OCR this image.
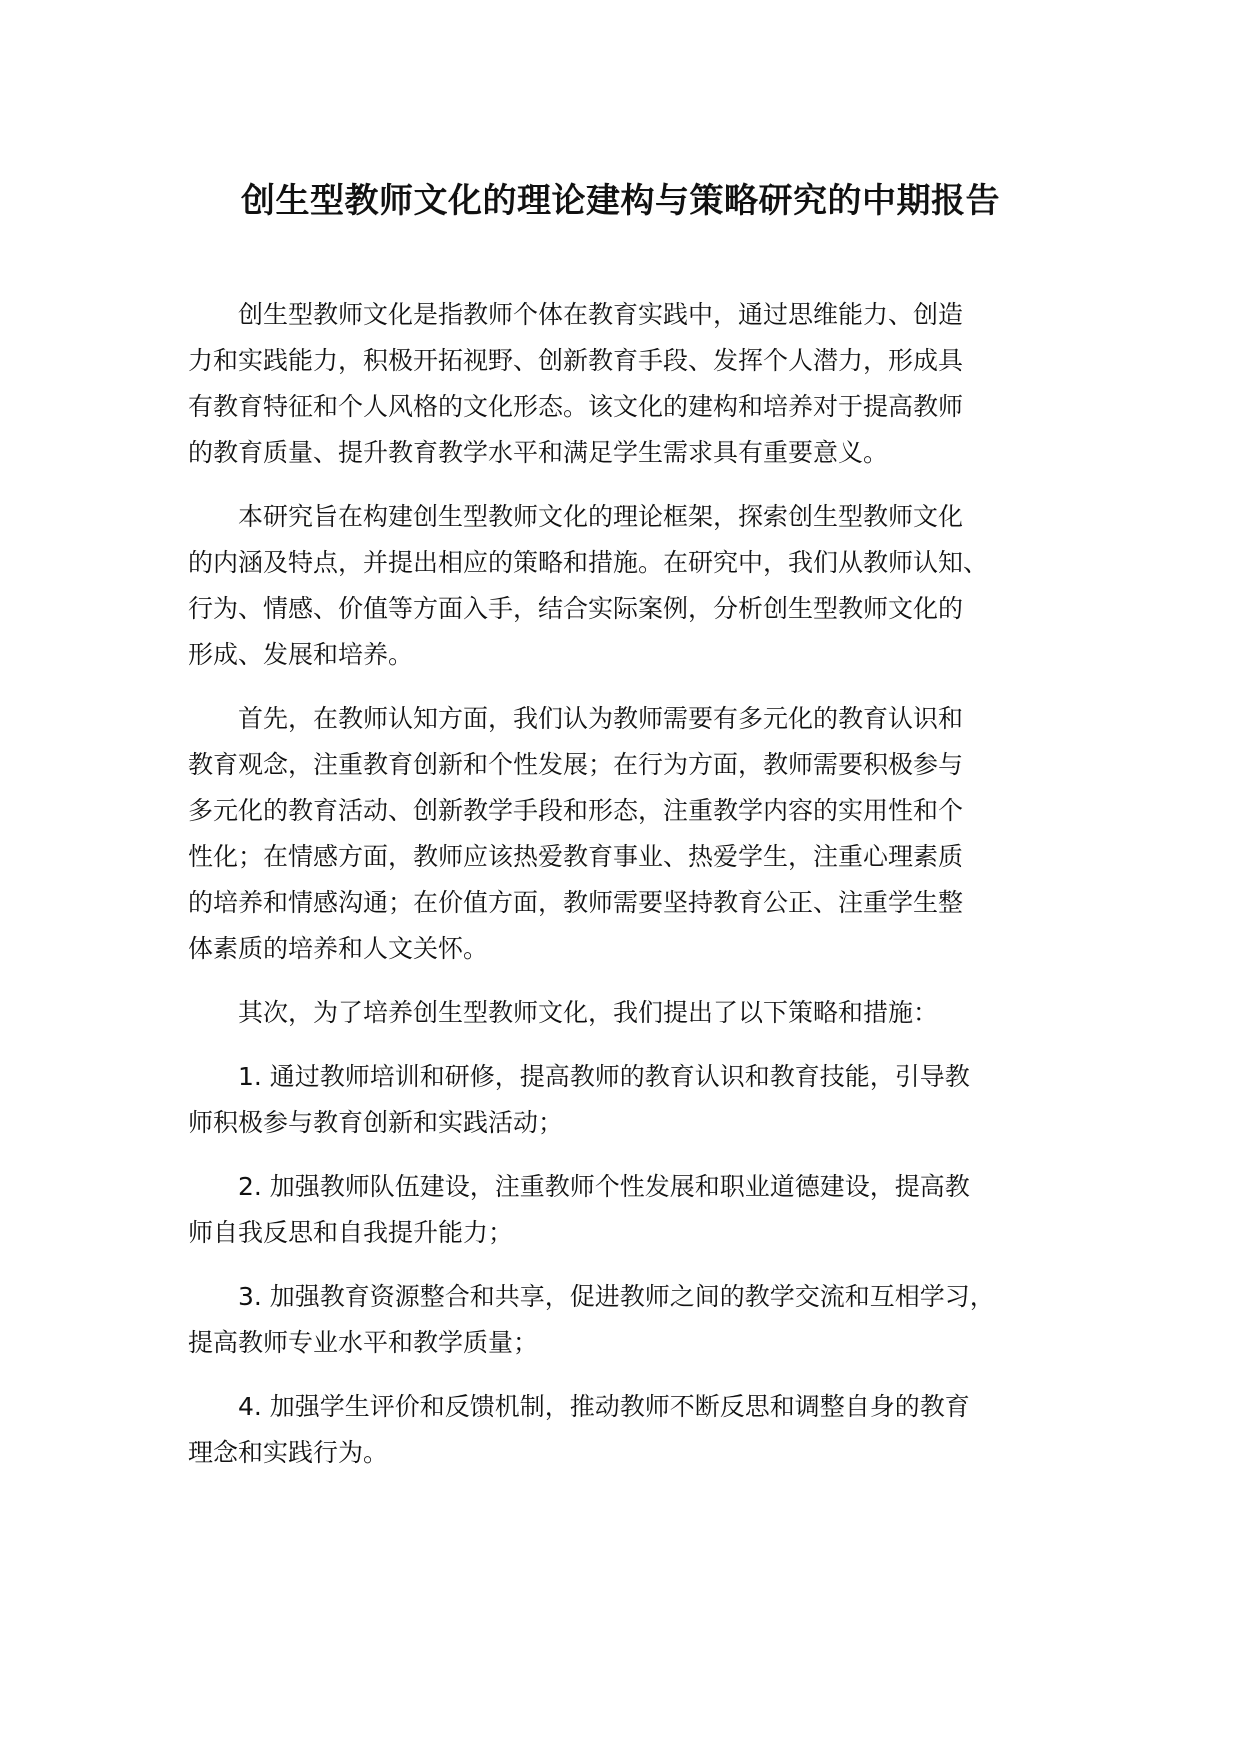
创生型教师文化的理论建构与策略研究的中期报告

创生型教师文化是指教师个体在教育实践中，通过思维能力、创造
力和实践能力，积极开拓视野、创新教育手段、发挥个人潜力，形成具
有教育特征和个人风格的文化形态。该文化的建构和培养对于提高教师
的教育质量、提升教育教学水平和满足学生需求具有重要意义。

本研究旨在构建创生型教师文化的理论框架，探索创生型教师文化
的内涵及特点，并提出相应的策略和措施。在研究中，我们从教师认知、
行为、情感、价值等方面入手，结合实际案例，分析创生型教师文化的
形成、发展和培养。

首先，在教师认知方面，我们认为教师需要有多元化的教育认识和
教育观念，注重教育创新和个性发展；在行为方面，教师需要积极参与
多元化的教育活动、创新教学手段和形态，注重教学内容的实用性和个
性化；在情感方面，教师应该热爱教育事业、热爱学生，注重心理素质
的培养和情感沟通；在价值方面，教师需要坚持教育公正、注重学生整
体素质的培养和人文关怀。

其次，为了培养创生型教师文化，我们提出了以下策略和措施：

1. 通过教师培训和研修，提高教师的教育认识和教育技能，引导教
师积极参与教育创新和实践活动；

2. 加强教师队伍建设，注重教师个性发展和职业道德建设，提高教
师自我反思和自我提升能力；

3. 加强教育资源整合和共享，促进教师之间的教学交流和互相学习，
提高教师专业水平和教学质量；

4. 加强学生评价和反馈机制，推动教师不断反思和调整自身的教育
理念和实践行为。
